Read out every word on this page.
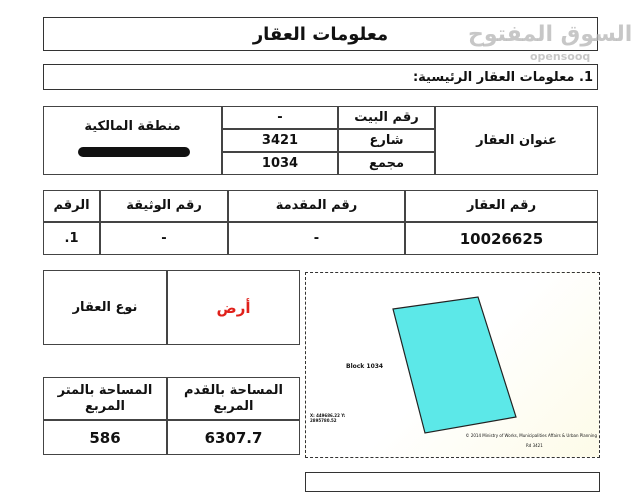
معلومات العقار	السوق المفتوح
opensooq
1. معلومات العقار الرئيسية:
عنوان العقار
رقم البيت
-
شارع
3421
مجمع
1034
منطقة المالكية
رقم العقار
رقم المقدمة
رقم الوثيقة
الرقم
10026625
-
-
1.
نوع العقار	أرض
المساحة بالقدم المربع
المساحة بالمتر المربع
6307.7
586
Block 1034
X: 449686.22 Y: 2895780.52
© 2014 Ministry of Works, Municipalities Affairs & Urban Planning
Rd 3421
